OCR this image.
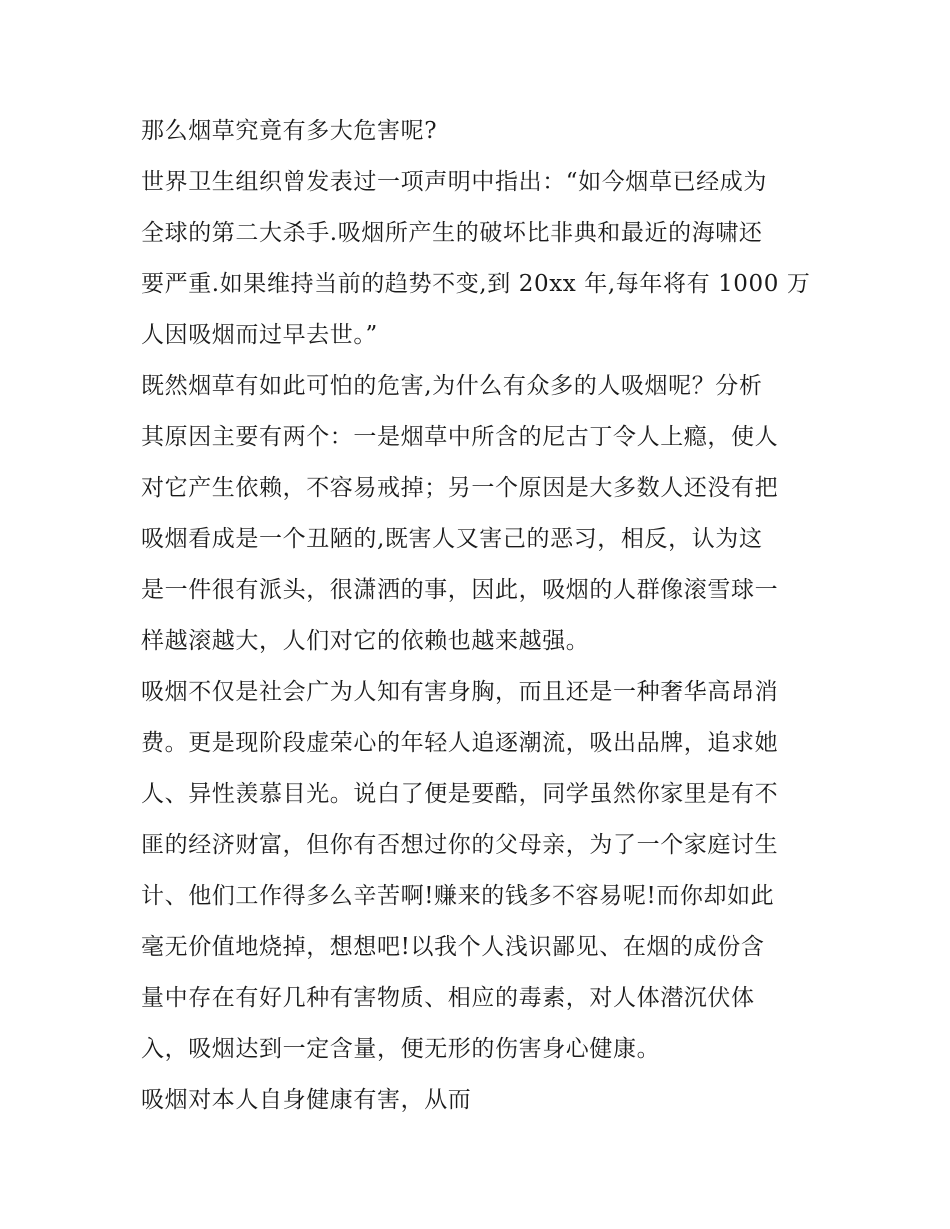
那么烟草究竟有多大危害呢?
世界卫生组织曾发表过一项声明中指出：“如今烟草已经成为
全球的第二大杀手.吸烟所产生的破坏比非典和最近的海啸还
要严重.如果维持当前的趋势不变,到 20xx 年,每年将有 1000 万
人因吸烟而过早去世。”
既然烟草有如此可怕的危害,为什么有众多的人吸烟呢？分析
其原因主要有两个：一是烟草中所含的尼古丁令人上瘾，使人
对它产生依赖，不容易戒掉；另一个原因是大多数人还没有把
吸烟看成是一个丑陋的,既害人又害己的恶习，相反，认为这
是一件很有派头，很潇洒的事，因此，吸烟的人群像滚雪球一
样越滚越大，人们对它的依赖也越来越强。
吸烟不仅是社会广为人知有害身胸，而且还是一种奢华高昂消
费。更是现阶段虚荣心的年轻人追逐潮流，吸出品牌，追求她
人、异性羡慕目光。说白了便是要酷，同学虽然你家里是有不
匪的经济财富，但你有否想过你的父母亲，为了一个家庭讨生
计、他们工作得多么辛苦啊!赚来的钱多不容易呢!而你却如此
毫无价值地烧掉，想想吧!以我个人浅识鄙见、在烟的成份含
量中存在有好几种有害物质、相应的毒素，对人体潜沉伏体
入，吸烟达到一定含量，便无形的伤害身心健康。
吸烟对本人自身健康有害，从而
